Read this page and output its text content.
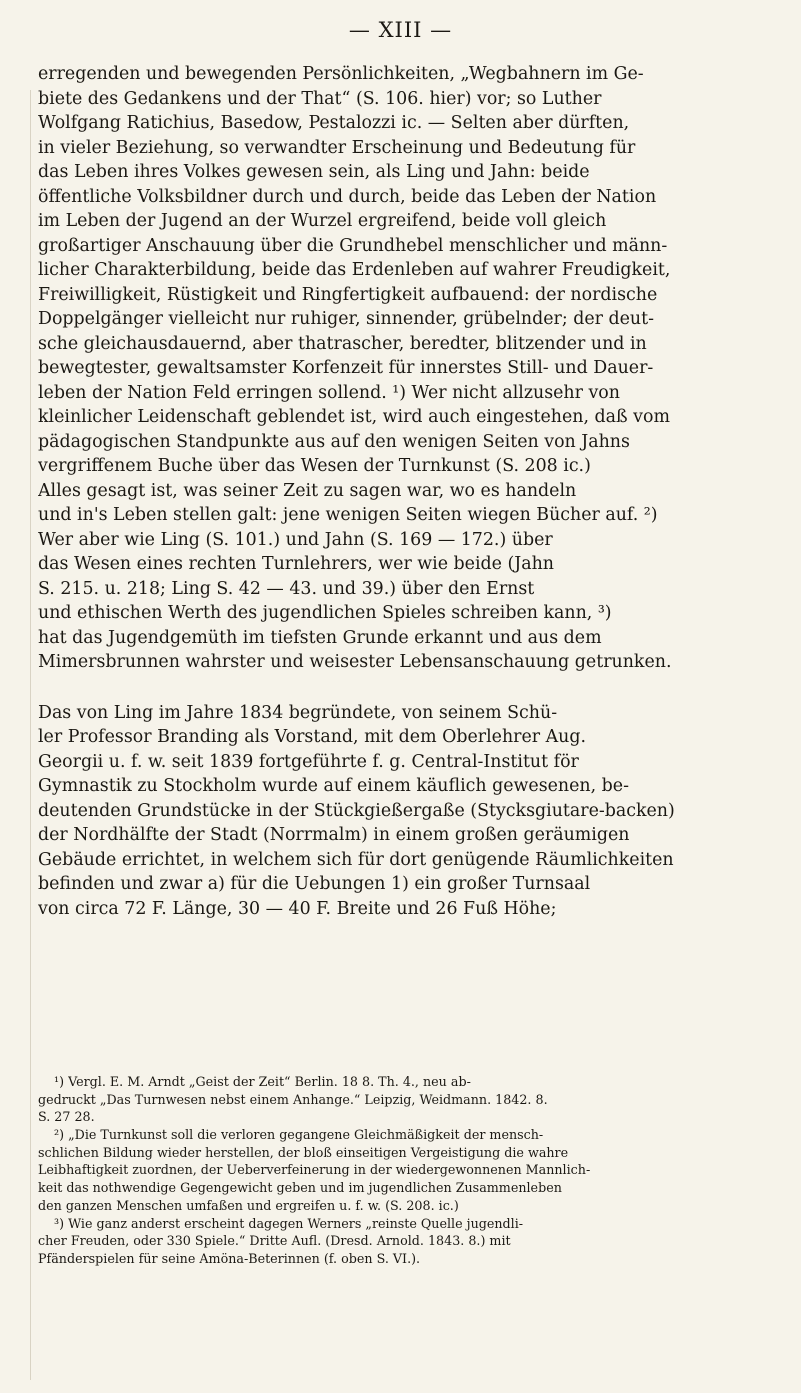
— XIII —
erregenden und bewegenden Persönlichkeiten, „Wegbahnern im Ge-
biete des Gedankens und der That“ (S. 106. hier) vor; so Luther
Wolfgang Ratichius, Basedow, Pestalozzi ic. — Selten aber dürften,
in vieler Beziehung, so verwandter Erscheinung und Bedeutung für
das Leben ihres Volkes gewesen sein, als Ling und Jahn: beide
öffentliche Volksbildner durch und durch, beide das Leben der Nation
im Leben der Jugend an der Wurzel ergreifend, beide voll gleich
großartiger Anschauung über die Grundhebel menschlicher und männ-
licher Charakterbildung, beide das Erdenleben auf wahrer Freudigkeit,
Freiwilligkeit, Rüstigkeit und Ringfertigkeit aufbauend: der nordische
Doppelgänger vielleicht nur ruhiger, sinnender, grübelnder; der deut-
sche gleichausdauernd, aber thatrascher, beredter, blitzender und in
bewegtester, gewaltsamster Korfenzeit für innerstes Still- und Dauer-
leben der Nation Feld erringen sollend. ¹) Wer nicht allzusehr von
kleinlicher Leidenschaft geblendet ist, wird auch eingestehen, daß vom
pädagogischen Standpunkte aus auf den wenigen Seiten von Jahns
vergriffenem Buche über das Wesen der Turnkunst (S. 208 ic.)
Alles gesagt ist, was seiner Zeit zu sagen war, wo es handeln
und in's Leben stellen galt: jene wenigen Seiten wiegen Bücher auf. ²)
Wer aber wie Ling (S. 101.) und Jahn (S. 169 — 172.) über
das Wesen eines rechten Turnlehrers, wer wie beide (Jahn
S. 215. u. 218; Ling S. 42 — 43. und 39.) über den Ernst
und ethischen Werth des jugendlichen Spieles schreiben kann, ³)
hat das Jugendgemüth im tiefsten Grunde erkannt und aus dem
Mimersbrunnen wahrster und weisester Lebensanschauung getrunken.
Das von Ling im Jahre 1834 begründete, von seinem Schü-
ler Professor Branding als Vorstand, mit dem Oberlehrer Aug.
Georgii u. f. w. seit 1839 fortgeführte f. g. Central-Institut för
Gymnastik zu Stockholm wurde auf einem käuflich gewesenen, be-
deutenden Grundstücke in der Stückgießergaße (Stycksgiutare-backen)
der Nordhälfte der Stadt (Norrmalm) in einem großen geräumigen
Gebäude errichtet, in welchem sich für dort genügende Räumlichkeiten
befinden und zwar a) für die Uebungen 1) ein großer Turnsaal
von circa 72 F. Länge, 30 — 40 F. Breite und 26 Fuß Höhe;
¹) Vergl. E. M. Arndt „Geist der Zeit“ Berlin. 18 8. Th. 4., neu ab-
gedruckt „Das Turnwesen nebst einem Anhange.“ Leipzig, Weidmann. 1842. 8.
S. 27 28.
²) „Die Turnkunst soll die verloren gegangene Gleichmäßigkeit der mensch-
schlichen Bildung wieder herstellen, der bloß einseitigen Vergeistigung die wahre
Leibhaftigkeit zuordnen, der Ueberverfeinerung in der wiedergewonnenen Mannlich-
keit das nothwendige Gegengewicht geben und im jugendlichen Zusammenleben
den ganzen Menschen umfaßen und ergreifen u. f. w. (S. 208. ic.)
³) Wie ganz anderst erscheint dagegen Werners „reinste Quelle jugendli-
cher Freuden, oder 330 Spiele.“ Dritte Aufl. (Dresd. Arnold. 1843. 8.) mit
Pfänderspielen für seine Amöna-Beterinnen (f. oben S. VI.).
